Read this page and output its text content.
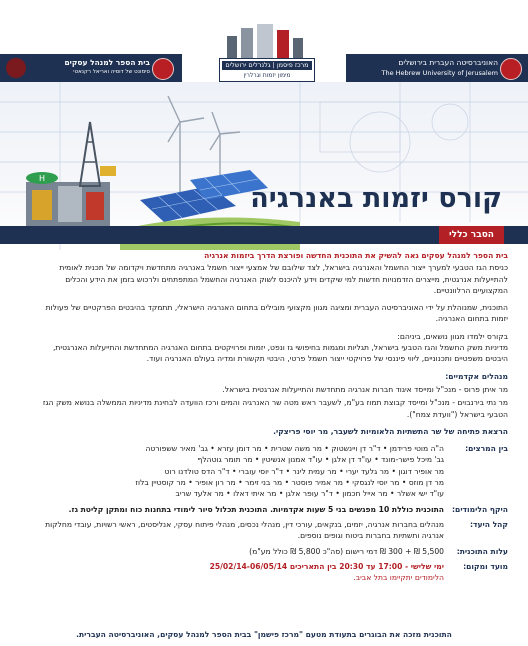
בית הספר למנהל עסקים
סימונט של דוסיה ואריאל רקנאטי
מרכז פיסמן | גלנרלים ירושלים
מימון יזמות וגרלרין
האוניברסיטה העברית בירושלים
The Hebrew University of Jerusalem
H
קורס יזמות באנרגיה
הסבר כללי

בית הספר למנהל עסקים גאה להשיק את התוכנית החדשה ופורצת הדרך ביזמות אנרגיה

כניסת הגז הטבעי למערך ייצור החשמל והאנרגיה בישראל, לצד שילובם של אמצעי ייצור חשמל באנרגיה מתחדשת ויקדומה של תכנית לאומית להתייעלות אנרגטית, מייצרים הזדמנויות חדשות למי שיקדים וידע להיכנס לשוק האנרגיה והחשמל המתפתחים ולרכוש בזמן את הידע והכלים המקצועיים הרלוונטיים.

התוכנית, שמנוהלת על ידי האוניברסיטה העברית ומציגה מגוון מקצועי מובילים בתחום האנרגיה הישראלי, תתמקד בהיבטים הפרקטיים של פעולות יזמות בתחום האנרגיה.

בקורס ילמדו מגוון נושאים, ביניהם:

מדיניות משק החשמל והגז הטבעי בישראל, תגליות ומגמות בחיפושי גז ונפט, יזמות ופרויקטים בתחום האנרגיה המתחדשת והתייעלות האנרגטית, היבטים משפטיים ותכנוניים, ליווי פיננסי של פרויקטי ייצור חשמל פרטי, היבטי תקשורת ומדיה בעולם האנרגיה ועוד.

מנהלים אקדמיים:

מר איתן פרוס - מנכ"ל ומייסד איגוד חברות אנרגיה מתחדשת והתייעלות אנרגטית בישראל.

מר נתי בירנבוים - מנכ"ל ומייסד קבוצת תמוז בע"מ, לשעבר ראש מטה שר האנרגיה והמים ורכז הוועדה לבחינת מדיניות הממשלה בנושא משק הגז הטבעי בישראל ("וועדת צמח").

הרצאת פתיחה של שר התשתיות הלאומיות לשעבר, מר יוסי פריצקי.

בין המרצים:
ה"ה מוטי פרידמן • ד"ר דן ויינשטוק • מר משה שטרית • מר דומן עזרא • גב' מאיר ששפורטה
גב' מיכל פישר-מונד • עו"ד דן אלגן • עו"ד אמנון אנשיטין • מר תומר גוטהלף
מר אופיר דוגון • מר גלעד יערי • מר עמית לינר • ד"ר יוסי עוברי • ד"ר הדס טולדנו רוט
מר דן מוזס • מר יוסי לנגסקי • מר אמיר פוסטר • מר בני זימר • מר רון אופיר • מר קוסטיין בלוז
עו"ד ישי אשלר • מר אייל חכמון • ד"ר עופר אלגן • מר איתי דאלו • מר אלעד שריב
היקף הלימודים:
התוכנית כוללת 10 מפגשים בני 5 שעות אקדמיות. התוכנית תכלול סיור לימודי בתחנות כוח ומתקן קליטת גז.
קהל היעד:
מנהלים בחברות אנרגיה, יזמים, בנקאים, עורכי דין, מנהלי נכסים, מנהלי פיתוח עסקי, אנליסטים, ראשי רשויות, עובדי מחלקות אנרגיה ותשתיות בחברות ביטוח וגופים נוספים.
עלות התוכנית:
5,500 ₪ + 300 ₪ דמי רישום (סה"כ 5,800 ₪ כולל מע"מ)
מועד ומקום:
ימי שלישי - 17:00 עד 20:30 בין התאריכים 25/02/14-06/05/14
הלימודים יתקיימו בתל אביב.
התוכנית מזכה את הבוגרים בתעודת מטעם "מרכז פישמן" בבית הספר למנהל עסקים, האוניברסיטה העברית.
